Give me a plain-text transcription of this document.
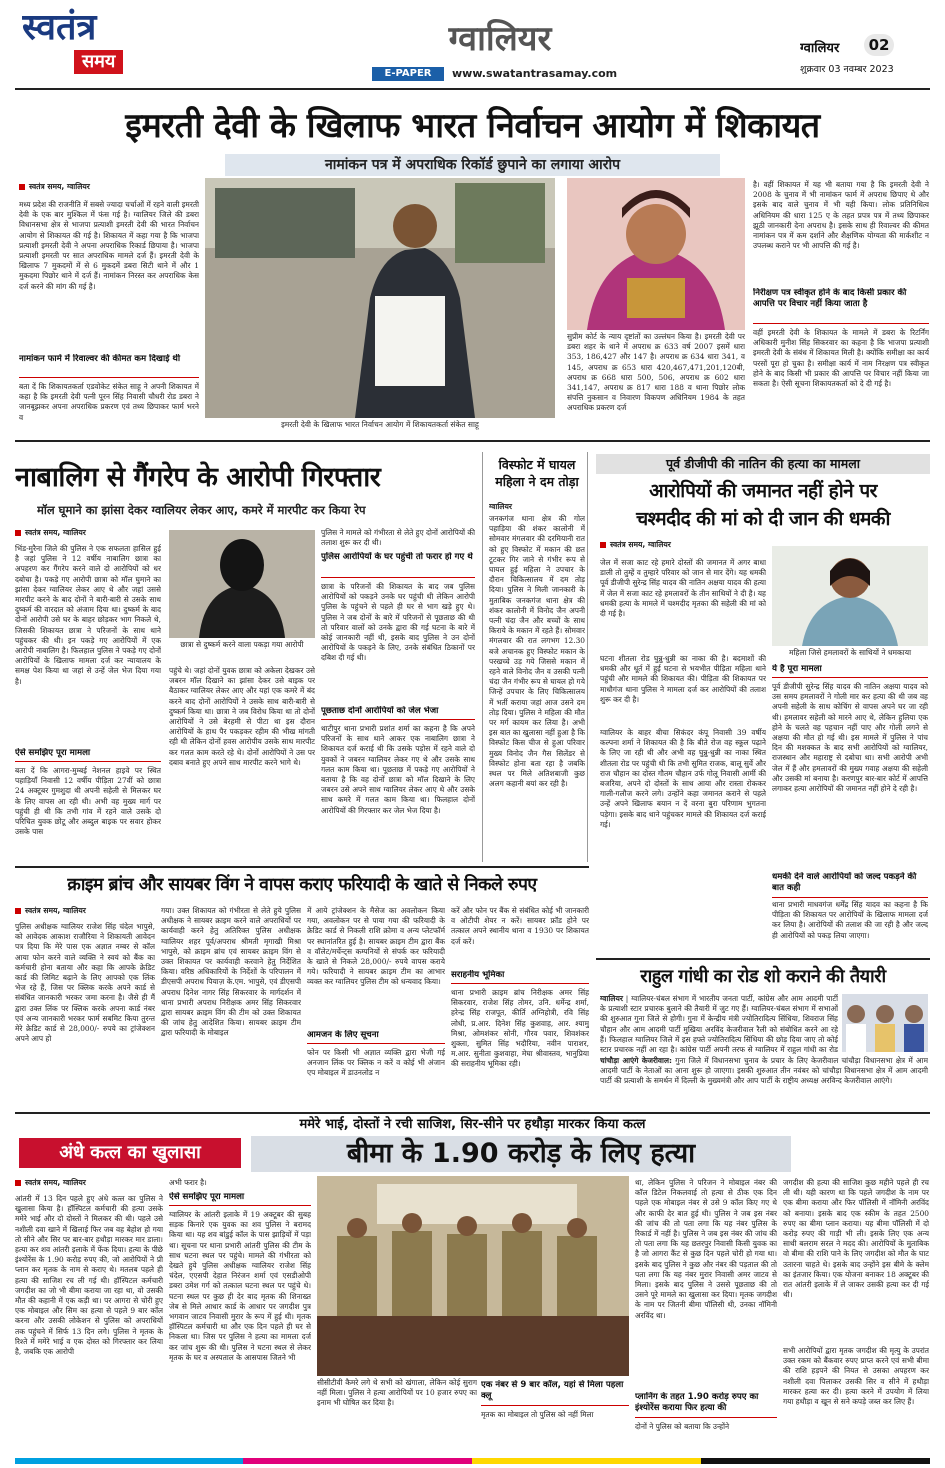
स्वतंत्र
समय
ग्वालियर
E-PAPER	www.swatantrasamay.com
ग्वालियर	02
शुक्रवार 03 नवम्बर 2023
इमरती देवी के खिलाफ भारत निर्वाचन आयोग में शिकायत
नामांकन पत्र में अपराधिक रिकॉर्ड छुपाने का लगाया आरोप
स्वतंत्र समय, ग्वालियर
मध्य प्रदेश की राजनीति में सबसे ज्यादा चर्चाओं में रहने वाली इमरती देवी के एक बार मुश्किल में फंस गई है। ग्वालियर जिले की डबरा विधानसभा क्षेत्र से भाजपा प्रत्याशी इमरती देवी की भारत निर्वाचन आयोग से शिकायत की गई है। शिकायत में कहा गया है कि भाजपा प्रत्याशी इमरती देवी ने अपना अपराधिक रिकार्ड छिपाया है। भाजपा प्रत्याशी इमरती पर सात अपराधिक मामले दर्ज हैं। इमरती देवी के खिलाफ 7 मुकदमों में से 6 मुकदमें डबरा सिटी थाने में और 1 मुकदमा पिछोर थाने में दर्ज हैं। नामांकन निरस्त कर अपराधिक केस दर्ज करने की मांग की गई है।
नामांकन फार्म में रिवाल्वर की कीमत कम दिखाई थी
बता दें कि शिकायतकर्ता एडवोकेट संकेत साहू ने अपनी शिकायत में कहा है कि इमरती देवी पत्नी पूरन सिंह निवासी चौधरी रोड डबरा ने जानबूझकर अपना अपराधिक प्रकरण एवं तथ्य छिपाकर फार्म भरने व
इमरती देवी के खिलाफ भारत निर्वाचन आयोग में शिकायतकर्ता संकेत साहू
सुप्रीम कोर्ट के न्याय दृष्टांतों का उल्लंघन किया है। इमरती देवी पर डबरा शहर के थाने में अपराध क्र 633 वर्ष 2007 इसमें धारा 353, 186,427 और 147 है। अपराध क्र 634 धारा 341, व 145, अपराध क्र 653 धारा 420,467,471,201,120बी, अपराध क्र 668 धारा 500, 506, अपराध क्र 602 धारा 341,147, अपराध क्र 817 धारा 188 व थाना पिछोर लोक संपत्ति नुकसान व निवारण विकपण अधिनियम 1984 के तहत अपराधिक प्रकरण दर्ज
है। वहीं शिकायत में यह भी बताया गया है कि इमरती देवी ने 2008 के चुनाव में भी नामांकन फार्म में अपराध छिपाए थे और इसके बाद वाले चुनाव में भी यही किया। लोक प्रतिनिधित्व अधिनियम की धारा 125 ए के तहत प्रपत्र पत्र में तथ्य छिपाकर झूठी जानकारी देना अपराध है। इसके साथ ही रिवाल्वर की कीमत नामांकन पत्र में कम दर्शाने और शैक्षणिक योग्यता की मार्कशीट न उपलब्ध कराने पर भी आपत्ति की गई है।
निरीक्षण पत्र स्वीकृत होने के बाद किसी प्रकार की आपत्ति पर विचार नहीं किया जाता है
वहीं इमरती देवी के शिकायत के मामले में डबरा के रिटर्निंग अधिकारी मुनीश सिंह सिकरवार का कहना है कि भाजपा प्रत्याशी इमरती देवी के संबंध में शिकायत मिली है। क्योंकि समीक्षा का कार्य परसों पूरा हो चुका है। समीक्षा कार्य में नाम निरक्षण पत्र स्वीकृत होने के बाद किसी भी प्रकार की आपत्ति पर विचार नहीं किया जा सकता है। ऐसी सूचना शिकायतकर्ता को दे दी गई है।
नाबालिग से गैंगरेप के आरोपी गिरफ्तार
मॉल घूमाने का झांसा देकर ग्वालियर लेकर आए, कमरे में मारपीट कर किया रेप
स्वतंत्र समय, ग्वालियर
भिंड-मुरैना जिले की पुलिस ने एक सफलता हासिल हुई है जहां पुलिस ने 12 वर्षीय नाबालिग छात्रा का अपहरण कर गैंगरेप करने वाले दो आरोपियों को धर दबोचा है। पकड़े गए आरोपी छात्रा को मॉल घुमाने का झांसा देकर ग्वालियर लेकर आए थे और जहां उससे मारपीट करने के बाद दोनों ने बारी-बारी से उसके साथ दुष्कर्म की वारदात को अंजाम दिया था। दुष्कर्म के बाद दोनों आरोपी उसे घर के बाहर छोड़कर भाग निकले थे, जिसकी शिकायत छात्रा ने परिजनों के साथ थाने पहुंचकर की थी। इन पकड़े गए आरोपियों में एक आरोपी नाबालिग है। फिलहाल पुलिस ने पकड़े गए दोनों आरोपियों के खिलाफ मामला दर्ज कर न्यायालय के समक्ष पेश किया था जहां से उन्हें जेल भेज दिया गया है।
ऐसे समझिए पूरा मामला
बता दें कि आगरा-मुम्बई नेशनल हाइवे पर स्थित पहाड़ियाँ निवासी 12 वर्षीय पीड़िता 27वीं को छात्रा 24 अक्टूबर गुमशुदा थी अपनी सहेली से मिलकर घर के लिए वापस आ रही थी। अभी वह मुख्य मार्ग पर पहुंची ही थी कि तभी गांव में रहने वाले उसके दो परिचित युवक छोटू और अब्दुल बाइक पर सवार होकर उसके पास
छात्रा से दुष्कर्म करने वाला पकड़ा गया आरोपी
पहुंचे थे। जहां दोनों युवक छात्रा को अकेला देखकर उसे जबरन मॉल दिखाने का झांसा देकर उसे बाइक पर बैठाकर ग्वालियर लेकर आए और यहां एक कमरे में बंद करने बाद दोनों आरोपियों ने उसके साथ बारी-बारी से दुष्कर्म किया था। छात्रा ने जब विरोध किया था तो दोनों आरोपियों ने उसे बेरहमी से पीटा था इस दौरान आरोपियों के हाथ पैर पकड़कर रहीम की भीख मांगती रही थी लेकिन दोनों हवस आरोपीय उसके साथ मारपीट कर गलत काम करते रहे थे। दोनों आरोपियों ने उस पर दबाव बनाते हुए अपने साथ मारपीट करने भागे थे।
पुलिस ने मामले को गंभीरता से लेते हुए दोनों आरोपियों की तलाश शुरू कर दी थी।
पुलिस आरोपियों के घर पहुंची तो फरार हो गए थे
छात्रा के परिजनों की शिकायत के बाद जब पुलिस आरोपियों को पकड़ने उनके घर पहुंची थी लेकिन आरोपी पुलिस के पहुंचने से पहले ही घर से भाग खड़े हुए थे। पुलिस ने जब दोनों के बारे में परिजनों से पूछताछ की थी तो परिवार वालों को उनके द्वारा की गई घटना के बारे में कोई जानकारी नहीं थी, इसके बाद पुलिस ने उन दोनों आरोपियों के पकड़ने के लिए, उनके संबंधित ठिकानों पर दबिश दी गई थी।
पूछताछ दोनों आरोपियों को जेल भेजा
थाटीपुर थाना प्रभारी प्रशांत शर्मा का कहना है कि अपने परिजनों के साथ थाने आकर एक नाबालिग छात्रा ने शिकायत दर्ज कराई थी कि उसके पड़ोस में रहने वाले दो युवकों ने जबरन ग्वालियर लेकर गए थे और उसके साथ गलत काम किया था। पूछताछ में पकड़े गए आरोपियों ने बताया है कि वह दोनों छात्रा को मॉल दिखाने के लिए जबरन उसे अपने साथ ग्वालियर लेकर आए थे और उसके साथ कमरे में गलत काम किया था। फिलहाल दोनों आरोपियों की गिरफ्तार कर जेल भेज दिया है।
विस्फोट में घायल महिला ने दम तोड़ा
ग्वालियर
जनकगंज थाना क्षेत्र की गोल पहाड़िया की शंकर कालोनी में सोमवार मंगलवार की दरमियानी रात को हुए विस्फोट में मकान की छत टूटकर गिर जाने से गंभीर रूप से घायल हुई महिला ने उपचार के दौरान चिकित्सालय में दम तोड़ दिया। पुलिस ने मिली जानकारी के मुताबिक जनकगंज थाना क्षेत्र की शंकर कालोनी में विनोद जैन अपनी पत्नी चंदा जैन और बच्चों के साथ किराये के मकान में रहते हैं। सोमवार मंगलवार की रात लगभग 12.30 बजे अचानक हुए विस्फोट मकान के परखच्चे उड़ गये जिससे मकान में रहने वाले विनोद जैन व उसकी पत्नी चंदा जैन गंभीर रूप से घायल हो गये जिन्हें उपचार के लिए चिकित्सालय में भर्ती कराया जहां आज उसने दम तोड़ दिया। पुलिस ने महिला की मौत पर मर्ग कायम कर लिया है। अभी इस बात का खुलासा नहीं हुआ है कि विस्फोट किस चीज से हुआ परिवार मुख्य विनोद जैन गैस सिलेंडर से विस्फोट होना बता रहा है जबकि स्थल पर मिले अतिशबाजी कुछ अलग कहानी बयां कर रही है।
पूर्व डीजीपी की नातिन की हत्या का मामला
आरोपियों की जमानत नहीं होने पर
चश्मदीद की मां को दी जान की धमकी
स्वतंत्र समय, ग्वालियर
जेल में सजा काट रहे हमारे दोस्तों की जमानत में अगर बाधा डाली तो तुम्हें व तुम्हारे परिवार को जान से मार देंगे। यह धमकी पूर्व डीजीपी सुरेन्द्र सिंह यादव की नातिन अक्षया यादव की हत्या में जेल में सजा काट रहे हमलावरों के तीन साथियों ने दी है। यह धमकी हत्या के मामले में चश्मदीद मृतका की सहेली की मां को दी गई है।
घटना शीतला रोड घुन्नु-धुन्नी का नाका की है। बदमाशों की धमकी और धूर्त में हुई घटना से भयभीत पीड़िता महिला थाने पहुंची और मामले की शिकायत की। पीड़िता की शिकायत पर माधौगंज थाना पुलिस ने मामला दर्ज कर आरोपियों की तलाश शुरू कर दी है।
ग्वालियर के बाहर बीचा सिकंदर कंपू निवासी 39 वर्षीय कल्पना शर्मा ने शिकायत की है कि बीते रोज वह स्कूल पढ़ाने के लिए जा रही थी और अभी वह घुन्नु-धुन्नी का नाका स्थित शीतला रोड पर पहुंची थी कि तभी सुमित राजक, बालू सुर्वे और राज चौहान का दोस्त गौतम चौहान उर्फ गोलू निवासी आर्मी की बजरिया, अपने दो दोस्तों के साथ आया और रास्ता रोककर गाली-गलौज करने लगे। उन्होंने कहा जमानत कराने से पहले उन्हें अपने खिलाफ बयान न दें वरना बुरा परिणाम भुगतना पड़ेगा। इसके बाद थाने पहुंचकर मामले की शिकायत दर्ज कराई गई।
महिला जिसे हमलावरों के साथियों ने धमकाया
ये है पूरा मामला
पूर्व डीजीपी सुरेन्द्र सिंह यादव की नातिन अक्षया यादव को उस समय हमलावरों ने गोली मार कर हत्या की थी जब वह अपनी सहेली के साथ कोचिंग से वापस अपने घर जा रही थी। हमलावर सहेली को मारने आए थे, लेकिन हुलिया एक होने के चलते वह पहचान नहीं पाए और गोली लगने से अक्षया की मौत हो गई थी। इस मामले में पुलिस ने पांच दिन की मशक्कत के बाद सभी आरोपियों को ग्वालियर, राजस्थान और महाराष्ट्र से दबोचा था। सभी आरोपी अभी जेल में हैं और हमलावरों की मुख्य गवाह अक्षया की सहेली और उसकी मां बनाया है। करणपुर बार-बार कोर्ट में आपत्ति लगाकर हत्या आरोपियों की जमानत नहीं होने दे रही है।
धमकी देने वाले आरोपियों को जल्द पकड़ने की बात कही
थाना प्रभारी माधवगंज धर्मेंद्र सिंह यादव का कहना है कि पीड़िता की शिकायत पर आरोपियों के खिलाफ मामला दर्ज कर लिया है। आरोपियों की तलाश की जा रही है और जल्द ही आरोपियों को पकड़ लिया जाएगा।
क्राइम ब्रांच और सायबर विंग ने वापस कराए फरियादी के खाते से निकले रुपए
स्वतंत्र समय, ग्वालियर
पुलिस अधीक्षक ग्वालियर राजेश सिंह चंदेल भापुसे, को आवेदक आकाश राजौरिया ने शिकायती आवेदन पत्र दिया कि मेरे पास एक अज्ञात नम्बर से कॉल आया फोन करने वाले व्यक्ति ने स्वयं को बैंक का कर्मचारी होना बताया और कहा कि आपके क्रेडिट कार्ड की लिमिट बढ़ाने के लिए आपको एक लिंक भेज रहे हैं, जिस पर क्लिक करके अपने कार्ड से संबंधित जानकारी भरकर जमा करना है। जैसे ही मैं द्वारा उक्त लिंक पर क्लिक करके अपना कार्ड नंबर एवं अन्य जानकारी भरकर फार्म सबमिट किया तुरन्त मेरे क्रेडिट कार्ड से 28,000/- रुपये का ट्रांजेक्शन अपने आप हो
गया। उक्त शिकायत को गंभीरता से लेते हुये पुलिस अधीक्षक ने सायबर क्राइम करने वाले अपराधियों पर कार्यवाही करने हेतु अतिरिक्त पुलिस अधीक्षक ग्वालियर शहर पूर्व/अपराध श्रीमती मृगाखी मिश्रा भापुसे, को क्राइम ब्रांच एवं सायबर क्राइम विंग से उक्त शिकायत पर कार्यवाही करवाने हेतु निर्देशित किया। वरिष्ठ अधिकारियों के निर्देशों के परिपालन में डीएसपी अपराध पियाज़ के.एम. भापुसे, एवं डीएसपी अपराध दिनेश नागर सिंह सिकरवार के मार्गदर्शन में थाना प्रभारी अपराध निरीक्षक अमर सिंह सिकरवार द्वारा सायबर क्राइम विंग की टीम को उक्त शिकायत की जांच हेतु आदेशित किया। सायबर क्राइम टीम द्वारा फरियादी के मोबाइल
में आये ट्रांजेक्शन के मैसेज का अवलोकन किया गया, अवलोकन पर से पाया गया की फरियादी के क्रेडिट कार्ड से निकली राशि क्रोमा व अन्य प्लेटफॉर्म पर स्थानांतरित हुई है। सायबर क्राइम टीम द्वारा बैंक व वॉलेट/मर्चेन्ट्स कम्पनियों से संपर्क कर फरियादी के खाते से निकले 28,000/- रुपये वापस कराये गये। फरियादी ने सायबर क्राइम टीम का आभार व्यक्त कर ग्वालियर पुलिस टीम को धन्यवाद किया।
आमजन के लिए सूचना
फोन पर किसी भी अज्ञात व्यक्ति द्वारा भेजी गई अनजान लिंक पर क्लिक न करें व कोई भी अंजान एप मोबाइल में डाउनलोड न
करें और फोन पर बैंक से संबंधित कोई भी जानकारी व ओटीपी शेयर न करें। सायबर फ्रॉड होने पर तत्काल अपने स्थानीय थाना व 1930 पर शिकायत दर्ज करें।
सराहनीय भूमिका
थाना प्रभारी क्राइम ब्रांच निरीक्षक अमर सिंह सिकरवार, राजेश सिंह तोमर, उनि. धर्मेन्द्र शर्मा, हरेन्द्र सिंह राजपूत, कीर्ति अग्निहोत्री, रवि सिंह लोधी, प्र.आर. दिनेश सिंह कुशवाह, आर. श्यामु मिश्रा, ओमशंकर सोनी, गौरव पवार, शिवशंकर शुक्ला, सुमित सिंह भदौरिया, नवीन पाराशर, म.आर. सुनीता कुशवाहा, मेघा श्रीवास्तव, भानुप्रिया की सराहनीय भूमिका रही।
राहुल गांधी का रोड शो कराने की तैयारी
ग्वालियर | ग्वालियर-चंबल संभाग में भारतीय जनता पार्टी, कांग्रेस और आम आदमी पार्टी के प्रत्याशी स्टार प्रचारक बुलाने की तैयारी में जुट गए हैं। ग्वालियर-चंबल संभाग में सभाओं की शुरुआत गुना जिले से होगी। गुना में केन्द्रीय मंत्री ज्योतिरादित्य सिंधिया, शिवराज सिंह चौहान और आम आदमी पार्टी मुखिया अरविंद केजरीवाल रैली को संबोधित करने आ रहे हैं। फिलहाल ग्वालियर जिले में इस हफ्ते ज्योतिरादित्य सिंधिया की छोड़ दिया जाए तो कोई स्टार प्रचारक नहीं आ रहा है। कांग्रेस पार्टी अपनी तरफ से ग्वालियर में राहुल गांधी का रोड
चांचौड़ा आएंगे केजरीवाल: गुना जिले में विधानसभा चुनाव के प्रचार के लिए केजरीवाल चांचौड़ा विधानसभा क्षेत्र में आम आदमी पार्टी के नेताओं का आना शुरू हो जाएगा। इसकी शुरुआत तीन नवंबर को चांचौड़ा विधानसभा क्षेत्र में आम आदमी पार्टी की प्रत्याशी के समर्थन में दिल्ली के मुख्यमंत्री और आप पार्टी के राष्ट्रीय अध्यक्ष अरविन्द केजरीवाल आएंगे।
ममेरे भाई, दोस्तों ने रची साजिश, सिर-सीने पर हथौड़ा मारकर किया कत्ल
अंधे कत्ल का खुलासा	बीमा के 1.90 करोड़ के लिए हत्या
स्वतंत्र समय, ग्वालियर
आंतरी में 13 दिन पहले हुए अंधे कत्ल का पुलिस ने खुलासा किया है। हॉस्पिटल कर्मचारी की हत्या उसके ममेरे भाई और दो दोस्तों ने मिलकर की थी। पहले उसे नशीली दवा खाने में खिलाई फिर जब वह बेहोश हो गया तो सीने और सिर पर बार-बार हथौड़ा मारकर मार डाला। हत्या कर शव आंतरी इलाके में फेंक दिया। हत्या के पीछे इंश्योरेंस के 1.90 करोड़ रुपए की, जो आरोपियों ने प्री प्लान कर मृतक के नाम से कराए थे। मतलब पहले ही हत्या की साजिश रच ली गई थी। हॉस्पिटल कर्मचारी जगदीश का जो भी बीमा कराया जा रहा था, वो उसकी मौत की कहानी में एक कड़ी था। पर आगरा से चोरी हुए एक मोबाइल और सिम का हत्या से पहले 9 बार कॉल करना और उसकी लोकेशन से पुलिस को अपराधियों तक पहुंचने में सिर्फ 13 दिन लगे। पुलिस ने मृतक के रिश्ते में ममेरे भाई व एक दोस्त को गिरफ्तार कर लिया है, जबकि एक आरोपी
अभी फरार है।
ऐसे समझिए पूरा मामला
ग्वालियर के आंतरी इलाके में 19 अक्टूबर की सुबह सड़क किनारे एक युवक का शव पुलिस ने बरामद किया था। यह शव बांडुई कॉल के पास झाड़ियों में पड़ा था। सूचना पर थाना प्रभारी आंतरी पुलिस की टीम के साथ घटना स्थल पर पहुंचे। मामले की गंभीरता को देखते हुये पुलिस अधीक्षक ग्वालियर राजेश सिंह चंदेल, एएसपी देहात निरंजन शर्मा एवं एसडीओपी डबरा उमेश गर्ग को तत्काल घटना स्थल पर पहुंचे थे। घटना स्थल पर कुछ ही देर बाद मृतक की शिनाख्त जेब से मिले आधार कार्ड के आधार पर जगदीश पुत्र भगवान जाटव निवासी मुरार के रूप में हुई थी। मृतक हॉस्पिटल कर्मचारी था और एक दिन पहले ही घर से निकला था। जिस पर पुलिस ने हत्या का मामला दर्ज कर जांच शुरू की थी। पुलिस ने घटना स्थल से लेकर मृतक के घर व अस्पताल के आसपास जितने भी
सीसीटीवी कैमरे लगे थे सभी को खंगाला, लेकिन कोई सुराग नहीं मिला। पुलिस ने हत्या आरोपियों पर 10 हजार रुपए का इनाम भी घोषित कर दिया है।
एक नंबर से 9 बार कॉल, यहां से मिला पहला क्लू
मृतक का मोबाइल तो पुलिस को नहीं मिला
था, लेकिन पुलिस ने परिजन ने मोबाइल नंबर की कॉल डिटेल निकलवाई तो हत्या से ठीक एक दिन पहले एक मोबाइल नंबर से उसे 9 कॉल किए गए थे और काफी देर बात हुई थी। पुलिस ने जब इस नंबर की जांच की तो पता लगा कि यह नंबर पुलिस के रिकार्ड में नहीं है। पुलिस ने जब इस नंबर की जांच की तो पता लगा कि यह छतरपुर निवासी किसी युवक का है जो आगरा कैंट से कुछ दिन पहले चोरी हो गया था। इसके बाद पुलिस ने कुछ और नंबर की पड़ताल की तो पता लगा कि यह नंबर मुरार निवासी अमर जाटव से मिला। इसके बाद पुलिस ने उससे पूछताछ की तो उसने पूरे मामले का खुलासा कर दिया। मृतक जगदीश के नाम पर जितनी बीमा पॉलिसी थी, उनका नॉमिनी अरविंद था।
प्लानिंग के तहत 1.90 करोड़ रुपए का इंश्योरेंस कराया फिर हत्या की
दोनों ने पुलिस को बताया कि उन्होंने
जगदीश की हत्या की साजिश कुछ महीने पहले ही रच ली थी। यही कारण था कि पहले जगदीश के नाम पर एक बीमा कराया और फिर पॉलिसी में नॉमिनी अरविंद को बनाया। इसके बाद एक स्कीम के तहत 2500 रुपए का बीमा प्लान कराया। यह बीमा पॉलिसी में दो करोड़ रुपए की गाड़ी भी ली। इसके लिए एक अन्य साथी बलराम सरल ने मदद की। आरोपियों के मुताबिक वो बीमा की राशि पाने के लिए जगदीश को मौत के घाट उतारना चाहते थे। इसके बाद उन्होंने इस बीमे के क्लेम का इंतजार किया। एक योजना बनाकर 18 अक्टूबर की रात आंतरी इलाके में ले जाकर उसकी हत्या कर दी गई थी।
सभी आरोपियों द्वारा मृतक जगदीश की मृत्यु के उपरांत उक्त रकम को बैंकवार रुपए प्राप्त करने एवं सभी बीमा की राशि हड़पने की नियत से उसका अपहरण कर नशीली दवा पिलाकर उसकी सिर व सीने में हथौड़ा मारकर हत्या कर दी। हत्या करने में उपयोग में लिया गया हथौड़ा व खून से सने कपड़े जब्त कर लिए हैं।
